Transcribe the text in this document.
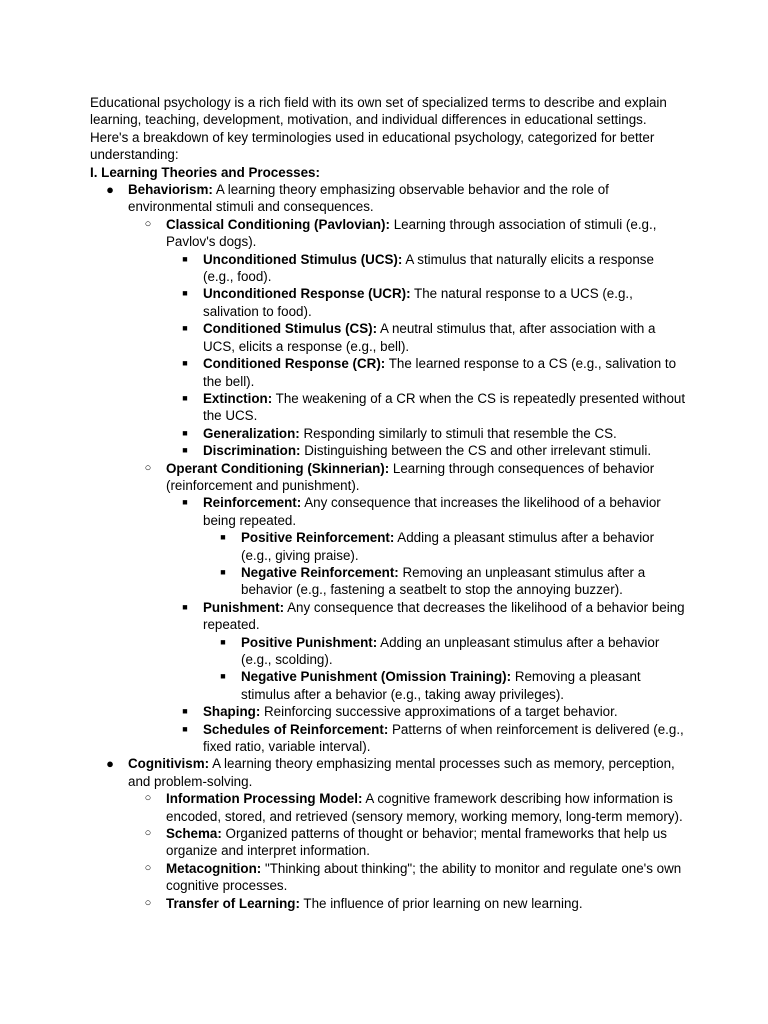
Educational psychology is a rich field with its own set of specialized terms to describe and explain learning, teaching, development, motivation, and individual differences in educational settings. Here's a breakdown of key terminologies used in educational psychology, categorized for better understanding:

I. Learning Theories and Processes:

● Behaviorism: A learning theory emphasizing observable behavior and the role of environmental stimuli and consequences.
○ Classical Conditioning (Pavlovian): Learning through association of stimuli (e.g., Pavlov's dogs).
■ Unconditioned Stimulus (UCS): A stimulus that naturally elicits a response (e.g., food).
■ Unconditioned Response (UCR): The natural response to a UCS (e.g., salivation to food).
■ Conditioned Stimulus (CS): A neutral stimulus that, after association with a UCS, elicits a response (e.g., bell).
■ Conditioned Response (CR): The learned response to a CS (e.g., salivation to the bell).
■ Extinction: The weakening of a CR when the CS is repeatedly presented without the UCS.
■ Generalization: Responding similarly to stimuli that resemble the CS.
■ Discrimination: Distinguishing between the CS and other irrelevant stimuli.
○ Operant Conditioning (Skinnerian): Learning through consequences of behavior (reinforcement and punishment).
■ Reinforcement: Any consequence that increases the likelihood of a behavior being repeated.
■ Positive Reinforcement: Adding a pleasant stimulus after a behavior (e.g., giving praise).
■ Negative Reinforcement: Removing an unpleasant stimulus after a behavior (e.g., fastening a seatbelt to stop the annoying buzzer).
■ Punishment: Any consequence that decreases the likelihood of a behavior being repeated.
■ Positive Punishment: Adding an unpleasant stimulus after a behavior (e.g., scolding).
■ Negative Punishment (Omission Training): Removing a pleasant stimulus after a behavior (e.g., taking away privileges).
■ Shaping: Reinforcing successive approximations of a target behavior.
■ Schedules of Reinforcement: Patterns of when reinforcement is delivered (e.g., fixed ratio, variable interval).
● Cognitivism: A learning theory emphasizing mental processes such as memory, perception, and problem-solving.
○ Information Processing Model: A cognitive framework describing how information is encoded, stored, and retrieved (sensory memory, working memory, long-term memory).
○ Schema: Organized patterns of thought or behavior; mental frameworks that help us organize and interpret information.
○ Metacognition: "Thinking about thinking"; the ability to monitor and regulate one's own cognitive processes.
○ Transfer of Learning: The influence of prior learning on new learning.
